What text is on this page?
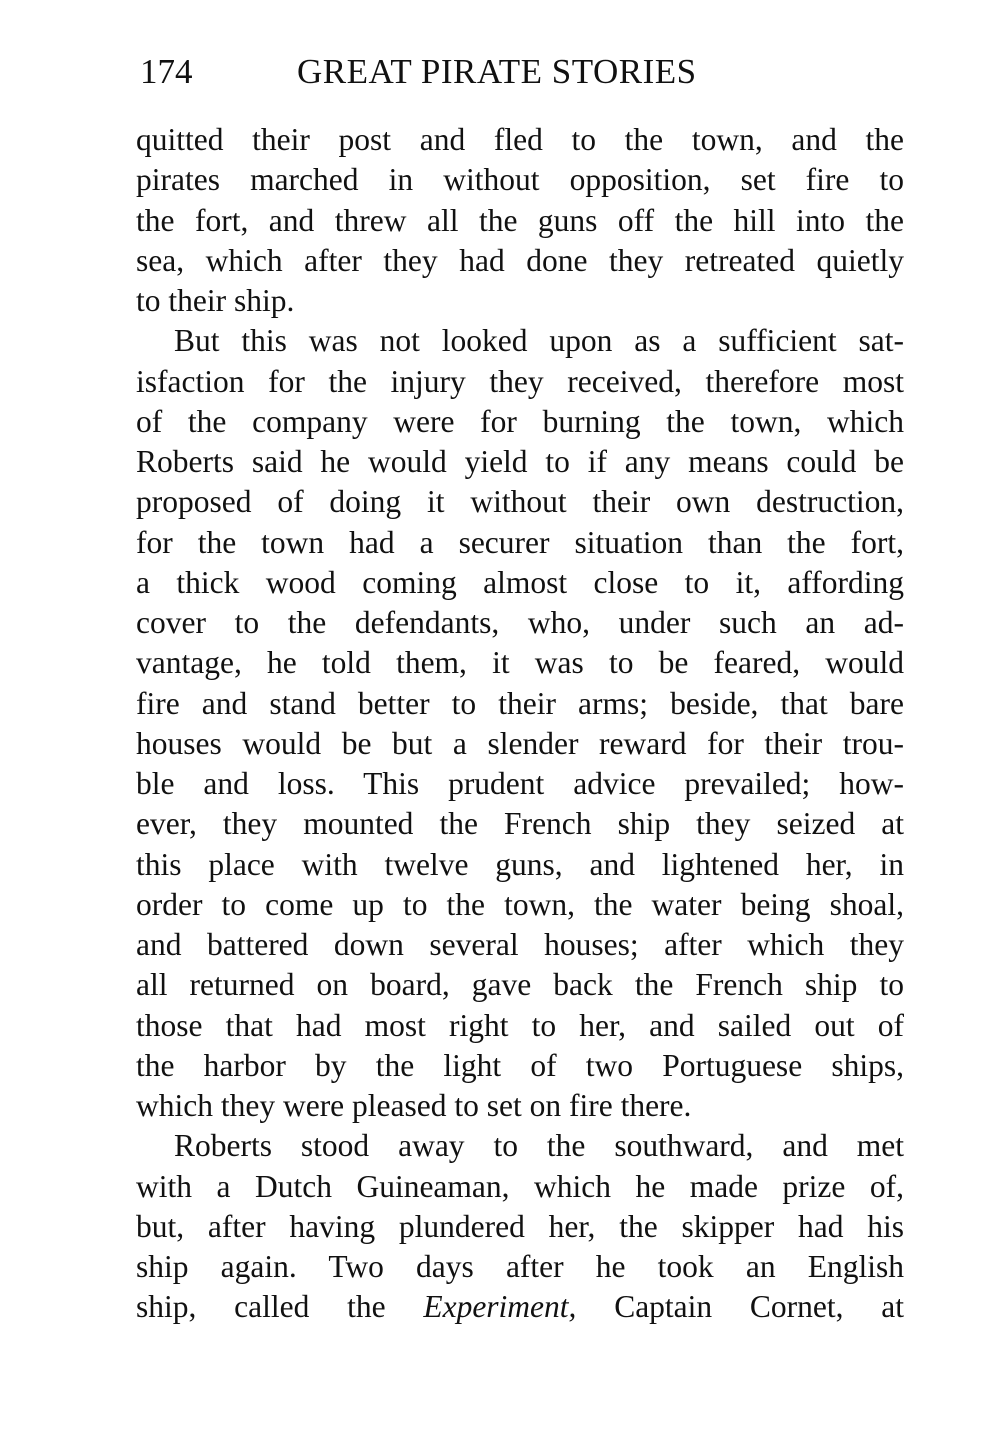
174	GREAT PIRATE STORIES
quitted their post and fled to the town, and the
pirates marched in without opposition, set fire to
the fort, and threw all the guns off the hill into the
sea, which after they had done they retreated quietly
to their ship.
But this was not looked upon as a sufficient sat-
isfaction for the injury they received, therefore most
of the company were for burning the town, which
Roberts said he would yield to if any means could be
proposed of doing it without their own destruction,
for the town had a securer situation than the fort,
a thick wood coming almost close to it, affording
cover to the defendants, who, under such an ad-
vantage, he told them, it was to be feared, would
fire and stand better to their arms; beside, that bare
houses would be but a slender reward for their trou-
ble and loss. This prudent advice prevailed; how-
ever, they mounted the French ship they seized at
this place with twelve guns, and lightened her, in
order to come up to the town, the water being shoal,
and battered down several houses; after which they
all returned on board, gave back the French ship to
those that had most right to her, and sailed out of
the harbor by the light of two Portuguese ships,
which they were pleased to set on fire there.
Roberts stood away to the southward, and met
with a Dutch Guineaman, which he made prize of,
but, after having plundered her, the skipper had his
ship again. Two days after he took an English
ship, called the Experiment, Captain Cornet, at
